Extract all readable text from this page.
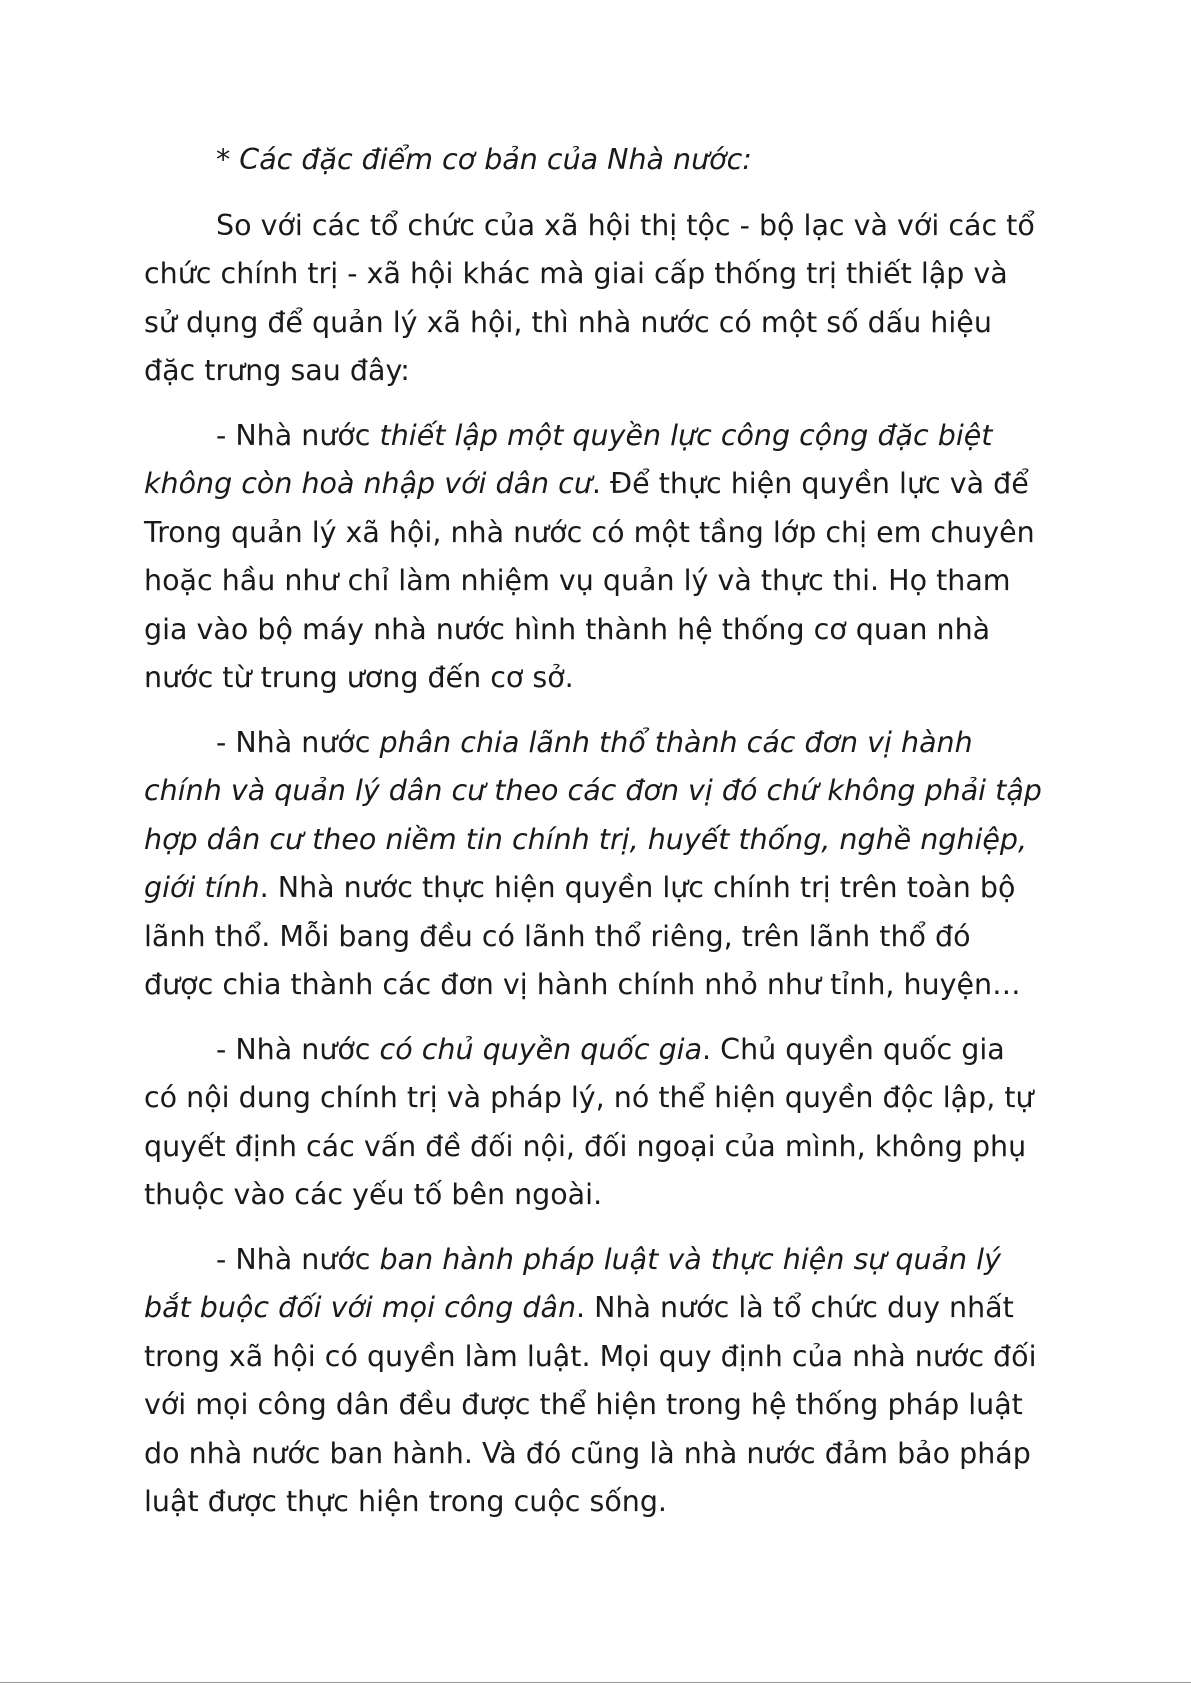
* Các đặc điểm cơ bản của Nhà nước:

So với các tổ chức của xã hội thị tộc - bộ lạc và với các tổ chức chính trị - xã hội khác mà giai cấp thống trị thiết lập và sử dụng để quản lý xã hội, thì nhà nước có một số dấu hiệu đặc trưng sau đây:

- Nhà nước thiết lập một quyền lực công cộng đặc biệt không còn hoà nhập với dân cư. Để thực hiện quyền lực và để Trong quản lý xã hội, nhà nước có một tầng lớp chị em chuyên hoặc hầu như chỉ làm nhiệm vụ quản lý và thực thi. Họ tham gia vào bộ máy nhà nước hình thành hệ thống cơ quan nhà nước từ trung ương đến cơ sở.

- Nhà nước phân chia lãnh thổ thành các đơn vị hành chính và quản lý dân cư theo các đơn vị đó chứ không phải tập hợp dân cư theo niềm tin chính trị, huyết thống, nghề nghiệp, giới tính. Nhà nước thực hiện quyền lực chính trị trên toàn bộ lãnh thổ. Mỗi bang đều có lãnh thổ riêng, trên lãnh thổ đó được chia thành các đơn vị hành chính nhỏ như tỉnh, huyện…

- Nhà nước có chủ quyền quốc gia. Chủ quyền quốc gia có nội dung chính trị và pháp lý, nó thể hiện quyền độc lập, tự quyết định các vấn đề đối nội, đối ngoại của mình, không phụ thuộc vào các yếu tố bên ngoài.

- Nhà nước ban hành pháp luật và thực hiện sự quản lý bắt buộc đối với mọi công dân. Nhà nước là tổ chức duy nhất trong xã hội có quyền làm luật. Mọi quy định của nhà nước đối với mọi công dân đều được thể hiện trong hệ thống pháp luật do nhà nước ban hành. Và đó cũng là nhà nước đảm bảo pháp luật được thực hiện trong cuộc sống.
